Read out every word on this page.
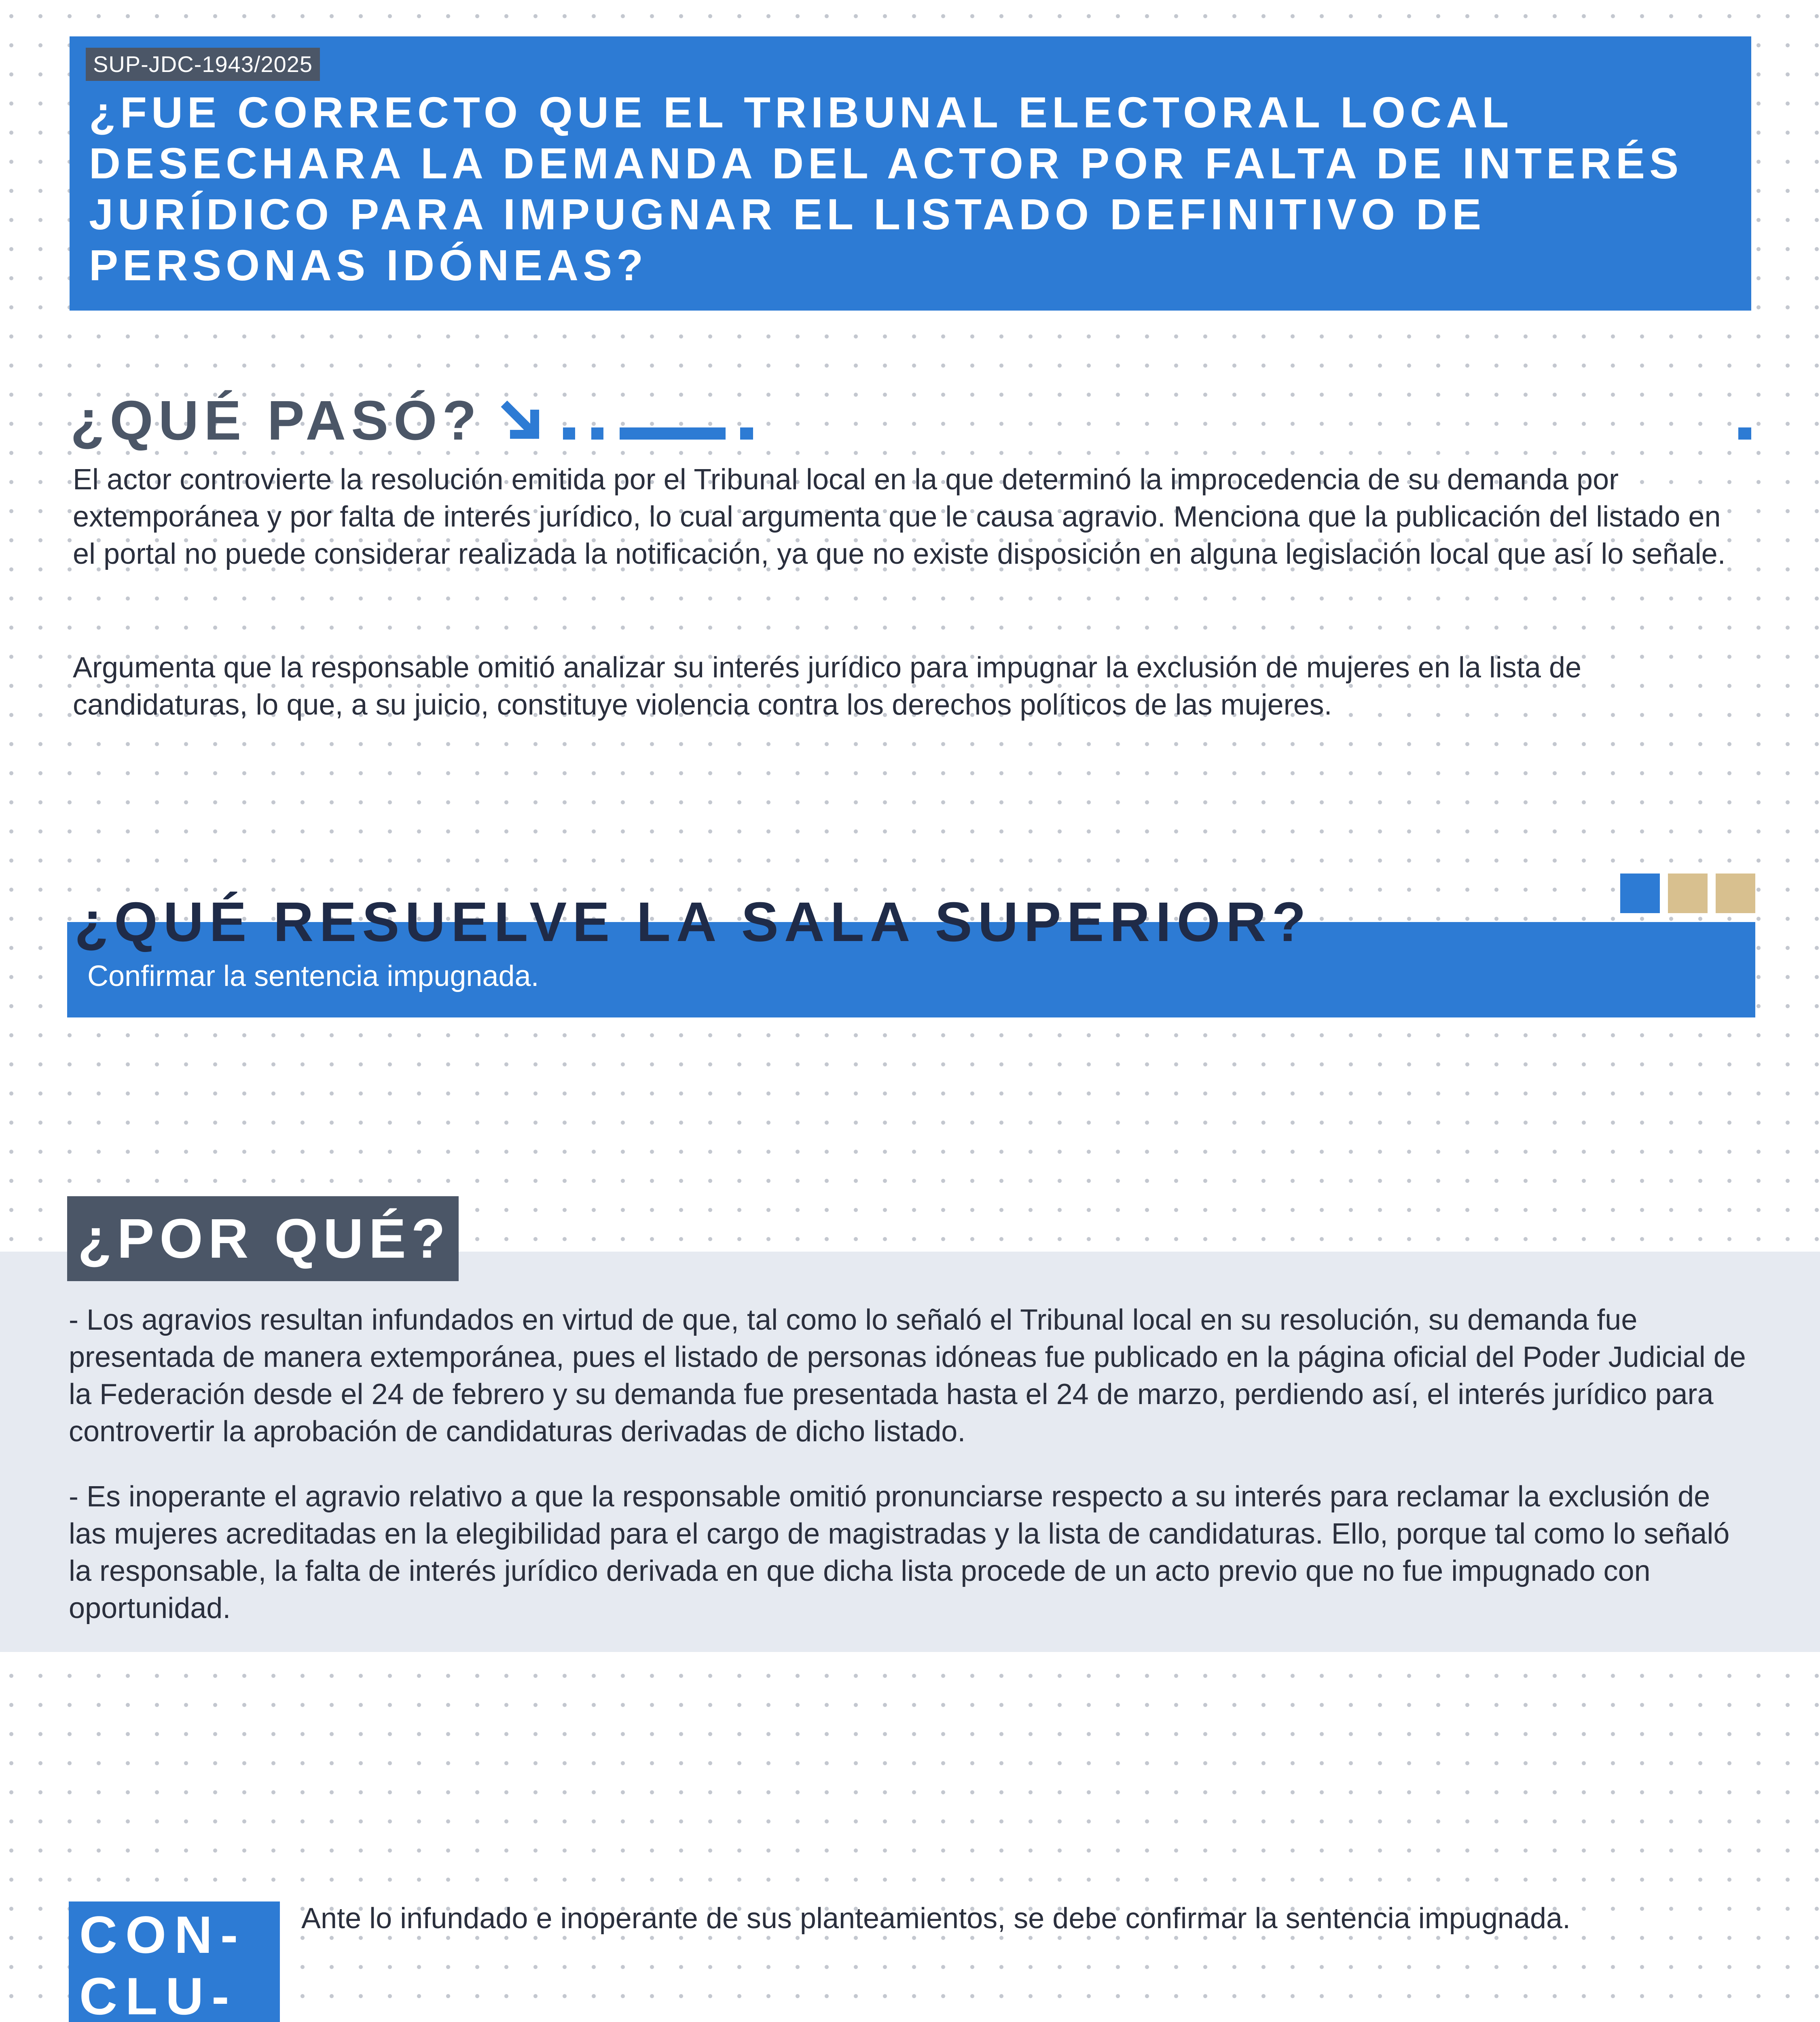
SUP-JDC-1943/2025
¿FUE CORRECTO QUE EL TRIBUNAL ELECTORAL LOCAL DESECHARA LA DEMANDA DEL ACTOR POR FALTA DE INTERÉS JURÍDICO PARA IMPUGNAR EL LISTADO DEFINITIVO DE PERSONAS IDÓNEAS?
¿QUÉ PASÓ?

El actor controvierte la resolución emitida por el Tribunal local en la que determinó la improcedencia de su demanda por extemporánea y por falta de interés jurídico, lo cual argumenta que le causa agravio. Menciona que la publicación del listado en el portal no puede considerar realizada la notificación, ya que no existe disposición en alguna legislación local que así lo señale.

Argumenta que la responsable omitió analizar su interés jurídico para impugnar la exclusión de mujeres en la lista de candidaturas, lo que, a su juicio, constituye violencia contra los derechos políticos de las mujeres.

¿QUÉ RESUELVE LA SALA SUPERIOR?

Confirmar la sentencia impugnada.

¿POR QUÉ?

- Los agravios resultan infundados en virtud de que, tal como lo señaló el Tribunal local en su resolución, su demanda fue presentada de manera extemporánea, pues el listado de personas idóneas fue publicado en la página oficial del Poder Judicial de la Federación desde el 24 de febrero y su demanda fue presentada hasta el 24 de marzo, perdiendo así, el interés jurídico para controvertir la aprobación de candidaturas derivadas de dicho listado.

- Es inoperante el agravio relativo a que la responsable omitió pronunciarse respecto a su interés para reclamar la exclusión de las mujeres acreditadas en la elegibilidad para el cargo de magistradas y la lista de candidaturas. Ello, porque tal como lo señaló la responsable, la falta de interés jurídico derivada en que dicha lista procede de un acto previo que no fue impugnado con oportunidad.

CON- CLU-

Ante lo infundado e inoperante de sus planteamientos, se debe confirmar la sentencia impugnada.
